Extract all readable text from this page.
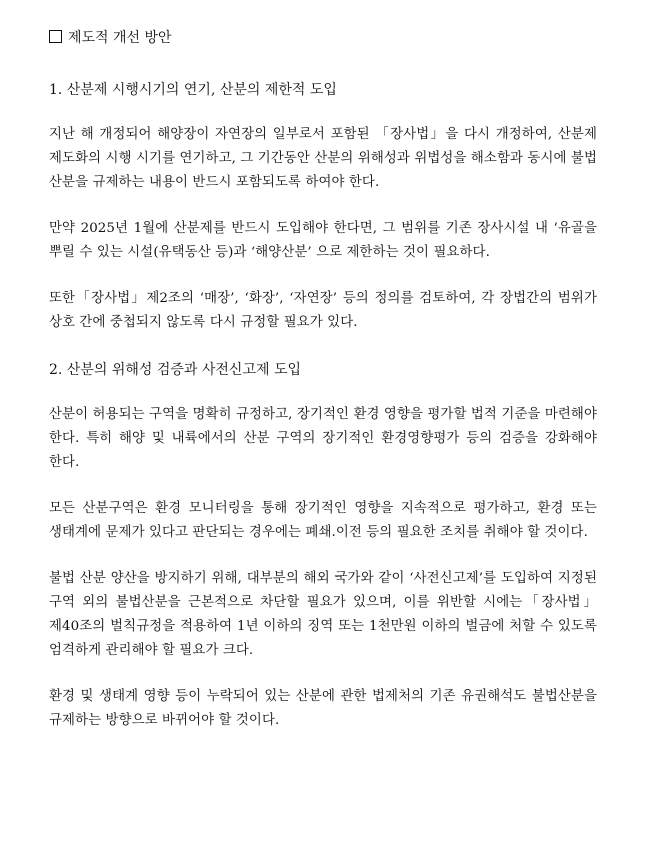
제도적 개선 방안

1. 산분제 시행시기의 연기, 산분의 제한적 도입

지난 해 개정되어 해양장이 자연장의 일부로서 포함된 「장사법」을 다시 개정하여, 산분제 제도화의 시행 시기를 연기하고, 그 기간동안 산분의 위해성과 위법성을 해소함과 동시에 불법 산분을 규제하는 내용이 반드시 포함되도록 하여야 한다.

만약 2025년 1월에 산분제를 반드시 도입해야 한다면, 그 범위를 기존 장사시설 내 ‘유골을 뿌릴 수 있는 시설(유택동산 등)과 ‘해양산분’ 으로 제한하는 것이 필요하다.

또한「장사법」제2조의 ‘매장’, ‘화장’, ‘자연장’ 등의 정의를 검토하여, 각 장법간의 범위가 상호 간에 중첩되지 않도록 다시 규정할 필요가 있다.

2. 산분의 위해성 검증과 사전신고제 도입

산분이 허용되는 구역을 명확히 규정하고, 장기적인 환경 영향을 평가할 법적 기준을 마련해야 한다. 특히 해양 및 내륙에서의 산분 구역의 장기적인 환경영향평가 등의 검증을 강화해야 한다.

모든 산분구역은 환경 모니터링을 통해 장기적인 영향을 지속적으로 평가하고, 환경 또는 생태계에 문제가 있다고 판단되는 경우에는 폐쇄.이전 등의 필요한 조치를 취해야 할 것이다.

불법 산분 양산을 방지하기 위해, 대부분의 해외 국가와 같이 ‘사전신고제’를 도입하여 지정된 구역 외의 불법산분을 근본적으로 차단할 필요가 있으며, 이를 위반할 시에는「장사법」제40조의 벌칙규정을 적용하여 1년 이하의 징역 또는 1천만원 이하의 벌금에 처할 수 있도록 엄격하게 관리해야 할 필요가 크다.

환경 및 생태계 영향 등이 누락되어 있는 산분에 관한 법제처의 기존 유권해석도 불법산분을 규제하는 방향으로 바뀌어야 할 것이다.
